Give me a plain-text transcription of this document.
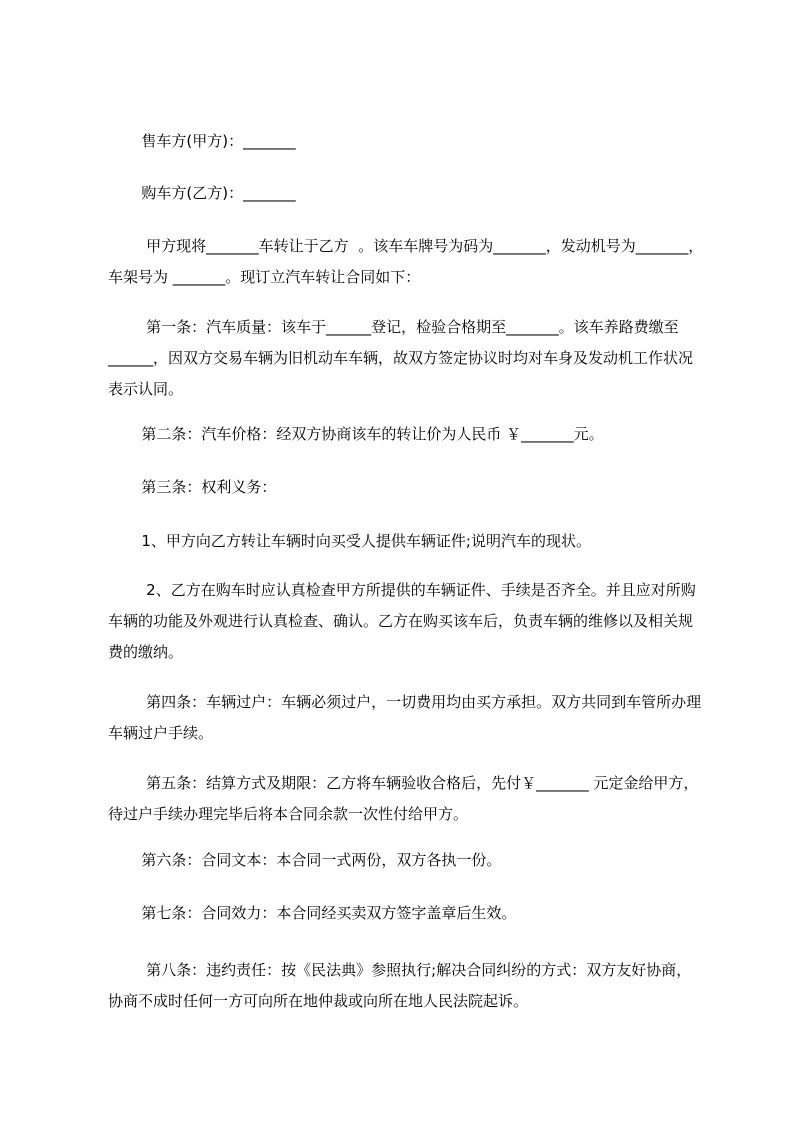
售车方(甲方)：_______

购车方(乙方)：_______

甲方现将_______车转让于乙方  。该车车牌号为码为_______，发动机号为_______，车架号为 _______。现订立汽车转让合同如下：

第一条：汽车质量：该车于______登记，检验合格期至_______。该车养路费缴至______，因双方交易车辆为旧机动车车辆，故双方签定协议时均对车身及发动机工作状况表示认同。

第二条：汽车价格：经双方协商该车的转让价为人民币 ￥_______元。

第三条：权利义务：

1、甲方向乙方转让车辆时向买受人提供车辆证件;说明汽车的现状。

2、乙方在购车时应认真检查甲方所提供的车辆证件、手续是否齐全。并且应对所购车辆的功能及外观进行认真检查、确认。乙方在购买该车后，负责车辆的维修以及相关规费的缴纳。

第四条：车辆过户：车辆必须过户，一切费用均由买方承担。双方共同到车管所办理车辆过户手续。

第五条：结算方式及期限：乙方将车辆验收合格后，先付￥_______ 元定金给甲方，待过户手续办理完毕后将本合同余款一次性付给甲方。

第六条：合同文本：本合同一式两份，双方各执一份。

第七条：合同效力：本合同经买卖双方签字盖章后生效。

第八条：违约责任：按《民法典》参照执行;解决合同纠纷的方式：双方友好协商，协商不成时任何一方可向所在地仲裁或向所在地人民法院起诉。
